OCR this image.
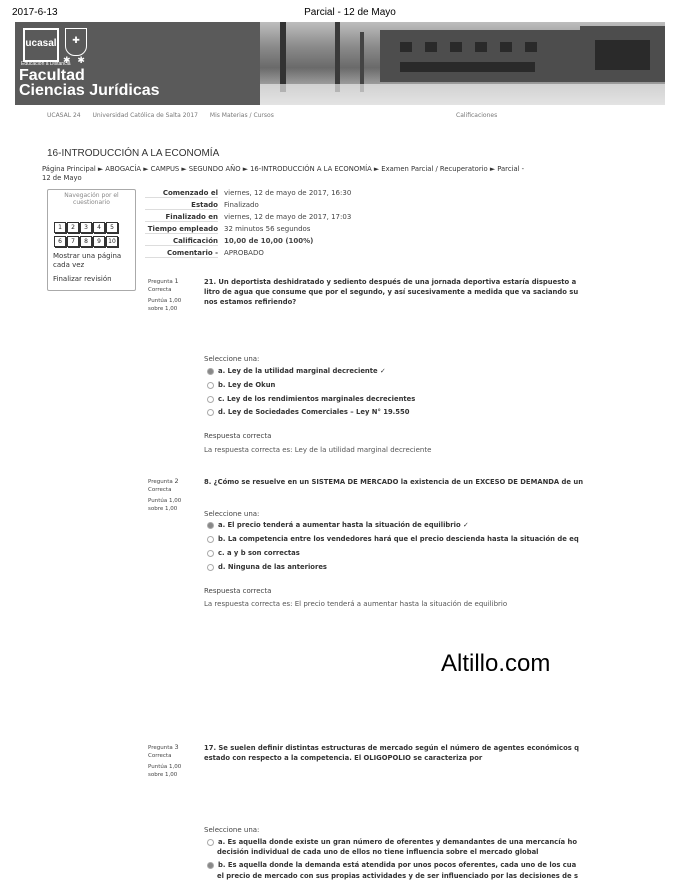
2017-6-13	Parcial - 12 de Mayo
ucasal
Educación a Distancia
✚
✱ ✱
Facultad
Ciencias Jurídicas
UCASAL 24 Universidad Católica de Salta 2017 Mis Materias / Cursos	Calificaciones
16-INTRODUCCIÓN A LA ECONOMÍA
Página Principal ► ABOGACÍA ► CAMPUS ► SEGUNDO AÑO ► 16-INTRODUCCIÓN A LA ECONOMÍA ► Examen Parcial / Recuperatorio ► Parcial - 12 de Mayo
Navegación por el cuestionario
1	2	3	4	5
6	7	8	9	10
Mostrar una página cada vez
Finalizar revisión
Comenzado el viernes, 12 de mayo de 2017, 16:30
Estado Finalizado
Finalizado en viernes, 12 de mayo de 2017, 17:03
Tiempo empleado 32 minutos 56 segundos
Calificación 10,00 de 10,00 (100%)
Comentario - APROBADO
Pregunta 1
Correcta
Puntúa 1,00 sobre 1,00
21. Un deportista deshidratado y sediento después de una jornada deportiva estaría dispuesto a
litro de agua que consume que por el segundo, y así sucesivamente a medida que va saciando su
nos estamos refiriendo?
Seleccione una:
a. Ley de la utilidad marginal decreciente ✓
b. Ley de Okun
c. Ley de los rendimientos marginales decrecientes
d. Ley de Sociedades Comerciales – Ley N° 19.550
Respuesta correcta
La respuesta correcta es: Ley de la utilidad marginal decreciente
Pregunta 2
Correcta
Puntúa 1,00 sobre 1,00
8. ¿Cómo se resuelve en un SISTEMA DE MERCADO la existencia de un EXCESO DE DEMANDA de un
Seleccione una:
a. El precio tenderá a aumentar hasta la situación de equilibrio ✓
b. La competencia entre los vendedores hará que el precio descienda hasta la situación de eq
c. a y b son correctas
d. Ninguna de las anteriores
Respuesta correcta
La respuesta correcta es: El precio tenderá a aumentar hasta la situación de equilibrio
Altillo.com
Pregunta 3
Correcta
Puntúa 1,00 sobre 1,00
17. Se suelen definir distintas estructuras de mercado según el número de agentes económicos q
estado con respecto a la competencia. El OLIGOPOLIO se caracteriza por
Seleccione una:
a. Es aquella donde existe un gran número de oferentes y demandantes de una mercancía ho
decisión individual de cada uno de ellos no tiene influencia sobre el mercado global
b. Es aquella donde la demanda está atendida por unos pocos oferentes, cada uno de los cua
el precio de mercado con sus propias actividades y de ser influenciado por las decisiones de s
